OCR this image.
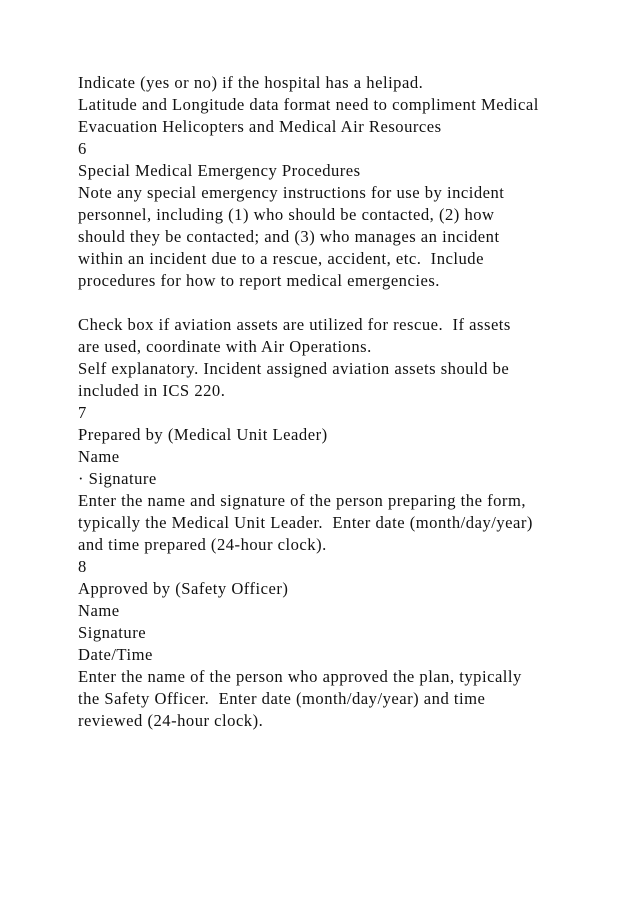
Indicate (yes or no) if the hospital has a helipad.
Latitude and Longitude data format need to compliment Medical
Evacuation Helicopters and Medical Air Resources
6
Special Medical Emergency Procedures
Note any special emergency instructions for use by incident
personnel, including (1) who should be contacted, (2) how
should they be contacted; and (3) who manages an incident
within an incident due to a rescue, accident, etc.  Include
procedures for how to report medical emergencies.
Check box if aviation assets are utilized for rescue.  If assets
are used, coordinate with Air Operations.
Self explanatory. Incident assigned aviation assets should be
included in ICS 220.
7
Prepared by (Medical Unit Leader)
Name
· Signature
Enter the name and signature of the person preparing the form,
typically the Medical Unit Leader.  Enter date (month/day/year)
and time prepared (24-hour clock).
8
Approved by (Safety Officer)
Name
Signature
Date/Time
Enter the name of the person who approved the plan, typically
the Safety Officer.  Enter date (month/day/year) and time
reviewed (24-hour clock).
